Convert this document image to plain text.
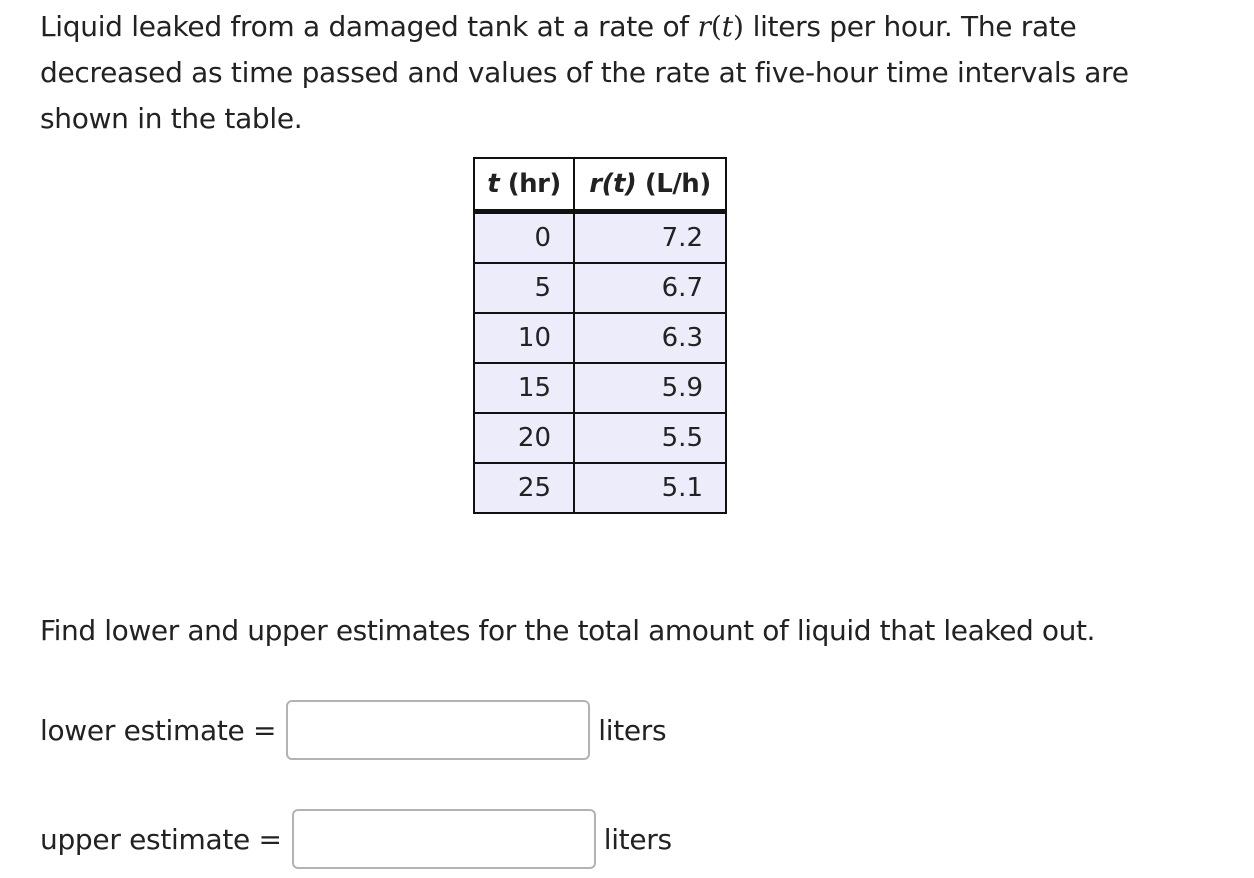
Liquid leaked from a damaged tank at a rate of r(t) liters per hour. The rate decreased as time passed and values of the rate at five-hour time intervals are shown in the table.
t (hr)	r(t) (L/h)
0	7.2
5	6.7
10	6.3
15	5.9
20	5.5
25	5.1
Find lower and upper estimates for the total amount of liquid that leaked out.
lower estimate =	liters
upper estimate =	liters
